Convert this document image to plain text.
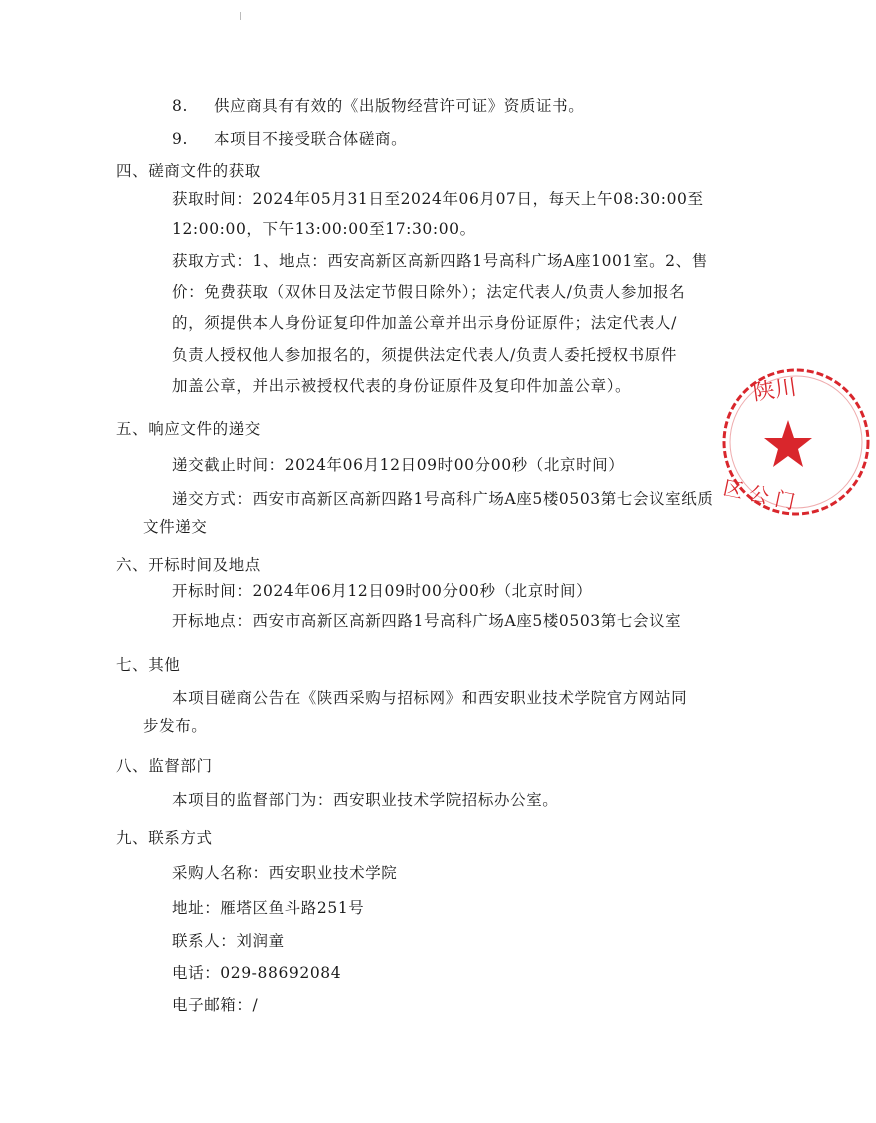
8. 供应商具有有效的《出版物经营许可证》资质证书。
9. 本项目不接受联合体磋商。
四、磋商文件的获取
获取时间：2024年05月31日至2024年06月07日，每天上午08:30:00至
12:00:00，下午13:00:00至17:30:00。
获取方式：1、地点：西安高新区高新四路1号高科广场A座1001室。2、售
价：免费获取（双休日及法定节假日除外）；法定代表人/负责人参加报名
的，须提供本人身份证复印件加盖公章并出示身份证原件；法定代表人/
负责人授权他人参加报名的，须提供法定代表人/负责人委托授权书原件
加盖公章，并出示被授权代表的身份证原件及复印件加盖公章）。
五、响应文件的递交
递交截止时间：2024年06月12日09时00分00秒（北京时间）
递交方式：西安市高新区高新四路1号高科广场A座5楼0503第七会议室纸质
文件递交
六、开标时间及地点
开标时间：2024年06月12日09时00分00秒（北京时间）
开标地点：西安市高新区高新四路1号高科广场A座5楼0503第七会议室
七、其他
本项目磋商公告在《陕西采购与招标网》和西安职业技术学院官方网站同
步发布。
八、监督部门
本项目的监督部门为：西安职业技术学院招标办公室。
九、联系方式
采购人名称：西安职业技术学院
地址：雁塔区鱼斗路251号
联系人：刘润童
电话：029-88692084
电子邮箱：/
陕川
区 公 门
